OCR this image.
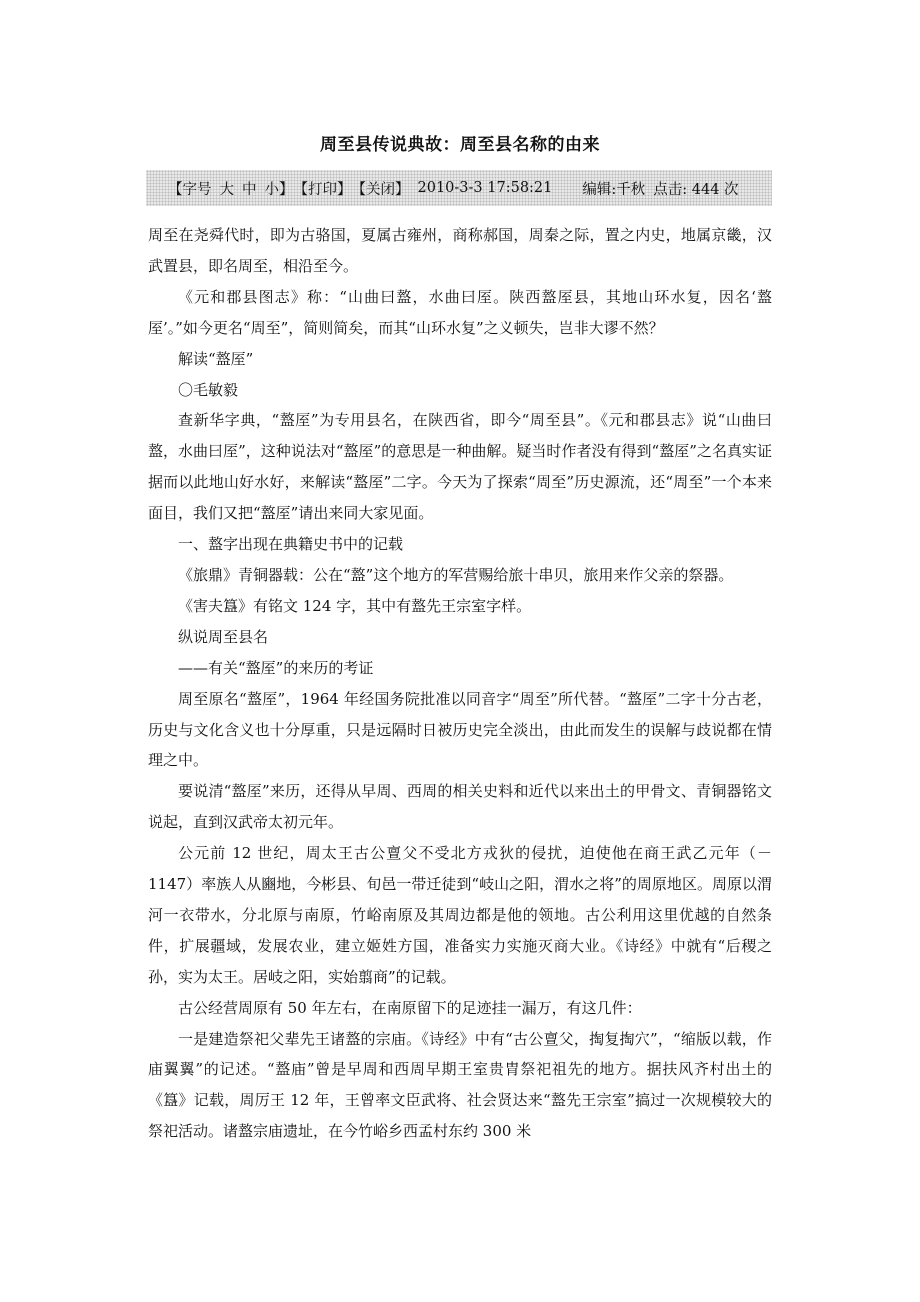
周至县传说典故：周至县名称的由来
【字号 大 中 小】 【打印】 【关闭】 2010-3-3 17:58:21 编辑:千秋 点击: 444 次

周至在尧舜代时，即为古骆国，夏属古雍州，商称郝国，周秦之际，置之内史，地属京畿，汉武置县，即名周至，相沿至今。

《元和郡县图志》称：“山曲曰盩，水曲曰厔。陕西盩厔县，其地山环水复，因名‘盩厔’。”如今更名“周至”，简则简矣，而其“山环水复”之义顿失，岂非大谬不然？

解读“盩厔”

〇毛敏毅

查新华字典，“盩厔”为专用县名，在陕西省，即今“周至县”。《元和郡县志》说“山曲曰盩，水曲曰厔”，这种说法对“盩厔”的意思是一种曲解。疑当时作者没有得到“盩厔”之名真实证据而以此地山好水好，来解读“盩厔”二字。今天为了探索“周至”历史源流，还“周至”一个本来面目，我们又把“盩厔”请出来同大家见面。

一、盩字出现在典籍史书中的记载

《旅鼎》青铜器载：公在“盩”这个地方的军营赐给旅十串贝，旅用来作父亲的祭器。

《害夫簋》有铭文 124 字，其中有盩先王宗室字样。

纵说周至县名

——有关“盩厔”的来历的考证

周至原名“盩厔”，1964 年经国务院批准以同音字“周至”所代替。“盩厔”二字十分古老，历史与文化含义也十分厚重，只是远隔时日被历史完全淡出，由此而发生的误解与歧说都在情理之中。

要说清“盩厔”来历，还得从早周、西周的相关史料和近代以来出土的甲骨文、青铜器铭文说起，直到汉武帝太初元年。

公元前 12 世纪，周太王古公亶父不受北方戎狄的侵扰，迫使他在商王武乙元年（－1147）率族人从豳地，今彬县、旬邑一带迁徒到“岐山之阳，渭水之将”的周原地区。周原以渭河一衣带水，分北原与南原，竹峪南原及其周边都是他的领地。古公利用这里优越的自然条件，扩展疆域，发展农业，建立姬姓方国，准备实力实施灭商大业。《诗经》中就有“后稷之孙，实为太王。居岐之阳，实始翦商”的记载。

古公经营周原有 50 年左右，在南原留下的足迹挂一漏万，有这几件：

一是建造祭祀父辈先王诸盩的宗庙。《诗经》中有“古公亶父，掏复掏穴”，“缩版以载，作庙翼翼”的记述。“盩庙”曾是早周和西周早期王室贵胄祭祀祖先的地方。据扶风齐村出土的《簋》记载，周厉王 12 年，王曾率文臣武将、社会贤达来“盩先王宗室”搞过一次规模较大的祭祀活动。诸盩宗庙遗址，在今竹峪乡西孟村东约 300 米
